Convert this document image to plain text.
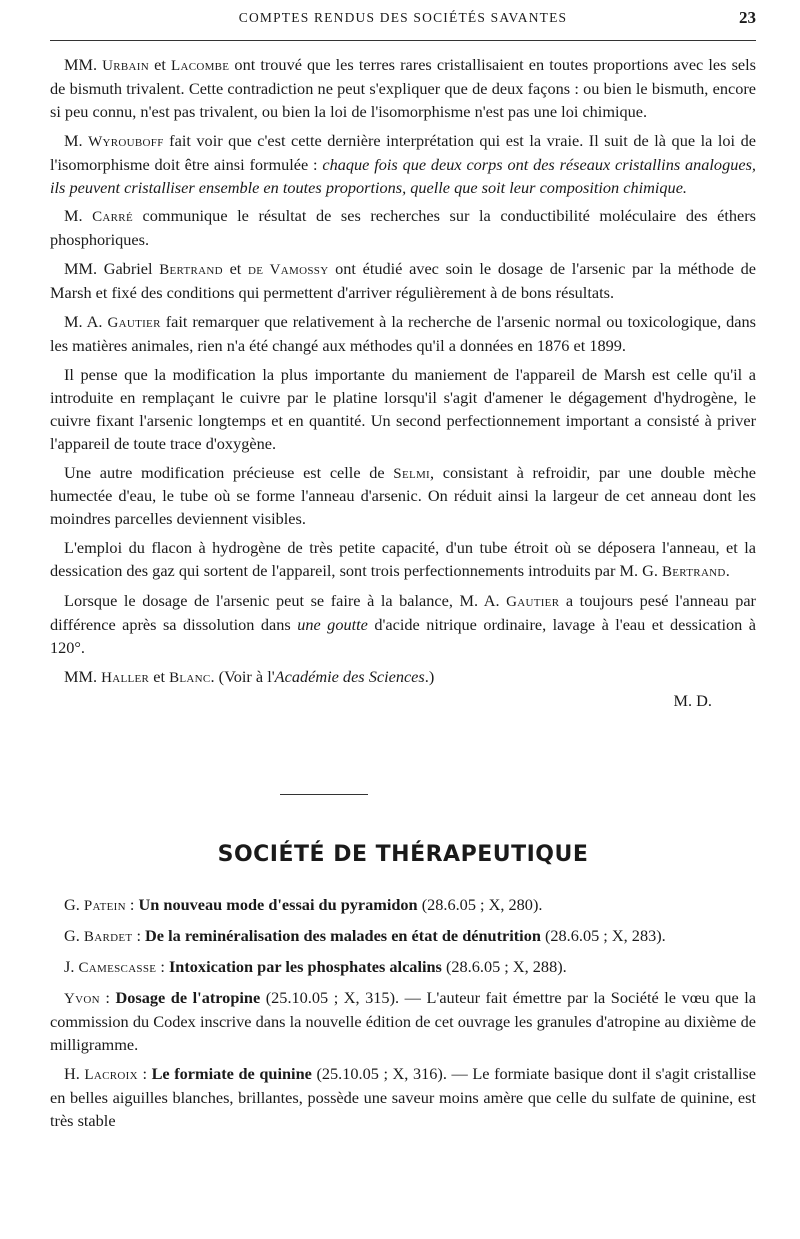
COMPTES RENDUS DES SOCIÉTÉS SAVANTES	23

MM. Urbain et Lacombe ont trouvé que les terres rares cristallisaient en toutes proportions avec les sels de bismuth trivalent. Cette contradiction ne peut s'expliquer que de deux façons : ou bien le bismuth, encore si peu connu, n'est pas trivalent, ou bien la loi de l'isomorphisme n'est pas une loi chimique.

M. Wyrouboff fait voir que c'est cette dernière interprétation qui est la vraie. Il suit de là que la loi de l'isomorphisme doit être ainsi formulée : chaque fois que deux corps ont des réseaux cristallins analogues, ils peuvent cristalliser ensemble en toutes proportions, quelle que soit leur composition chimique.

M. Carré communique le résultat de ses recherches sur la conductibilité moléculaire des éthers phosphoriques.

MM. Gabriel Bertrand et de Vamossy ont étudié avec soin le dosage de l'arsenic par la méthode de Marsh et fixé des conditions qui permettent d'arriver régulièrement à de bons résultats.

M. A. Gautier fait remarquer que relativement à la recherche de l'arsenic normal ou toxicologique, dans les matières animales, rien n'a été changé aux méthodes qu'il a données en 1876 et 1899.

Il pense que la modification la plus importante du maniement de l'appareil de Marsh est celle qu'il a introduite en remplaçant le cuivre par le platine lorsqu'il s'agit d'amener le dégagement d'hydrogène, le cuivre fixant l'arsenic longtemps et en quantité. Un second perfectionnement important a consisté à priver l'appareil de toute trace d'oxygène.

Une autre modification précieuse est celle de Selmi, consistant à refroidir, par une double mèche humectée d'eau, le tube où se forme l'anneau d'arsenic. On réduit ainsi la largeur de cet anneau dont les moindres parcelles deviennent visibles.

L'emploi du flacon à hydrogène de très petite capacité, d'un tube étroit où se déposera l'anneau, et la dessication des gaz qui sortent de l'appareil, sont trois perfectionnements introduits par M. G. Bertrand.

Lorsque le dosage de l'arsenic peut se faire à la balance, M. A. Gautier a toujours pesé l'anneau par différence après sa dissolution dans une goutte d'acide nitrique ordinaire, lavage à l'eau et dessication à 120°.

MM. Haller et Blanc. (Voir à l'Académie des Sciences.)

M. D.

SOCIÉTÉ DE THÉRAPEUTIQUE

G. Patein : Un nouveau mode d'essai du pyramidon (28.6.05 ; X, 280).

G. Bardet : De la reminéralisation des malades en état de dénutrition (28.6.05 ; X, 283).

J. Camescasse : Intoxication par les phosphates alcalins (28.6.05 ; X, 288).

Yvon : Dosage de l'atropine (25.10.05 ; X, 315). — L'auteur fait émettre par la Société le vœu que la commission du Codex inscrive dans la nouvelle édition de cet ouvrage les granules d'atropine au dixième de milligramme.

H. Lacroix : Le formiate de quinine (25.10.05 ; X, 316). — Le formiate basique dont il s'agit cristallise en belles aiguilles blanches, brillantes, possède une saveur moins amère que celle du sulfate de quinine, est très stable
